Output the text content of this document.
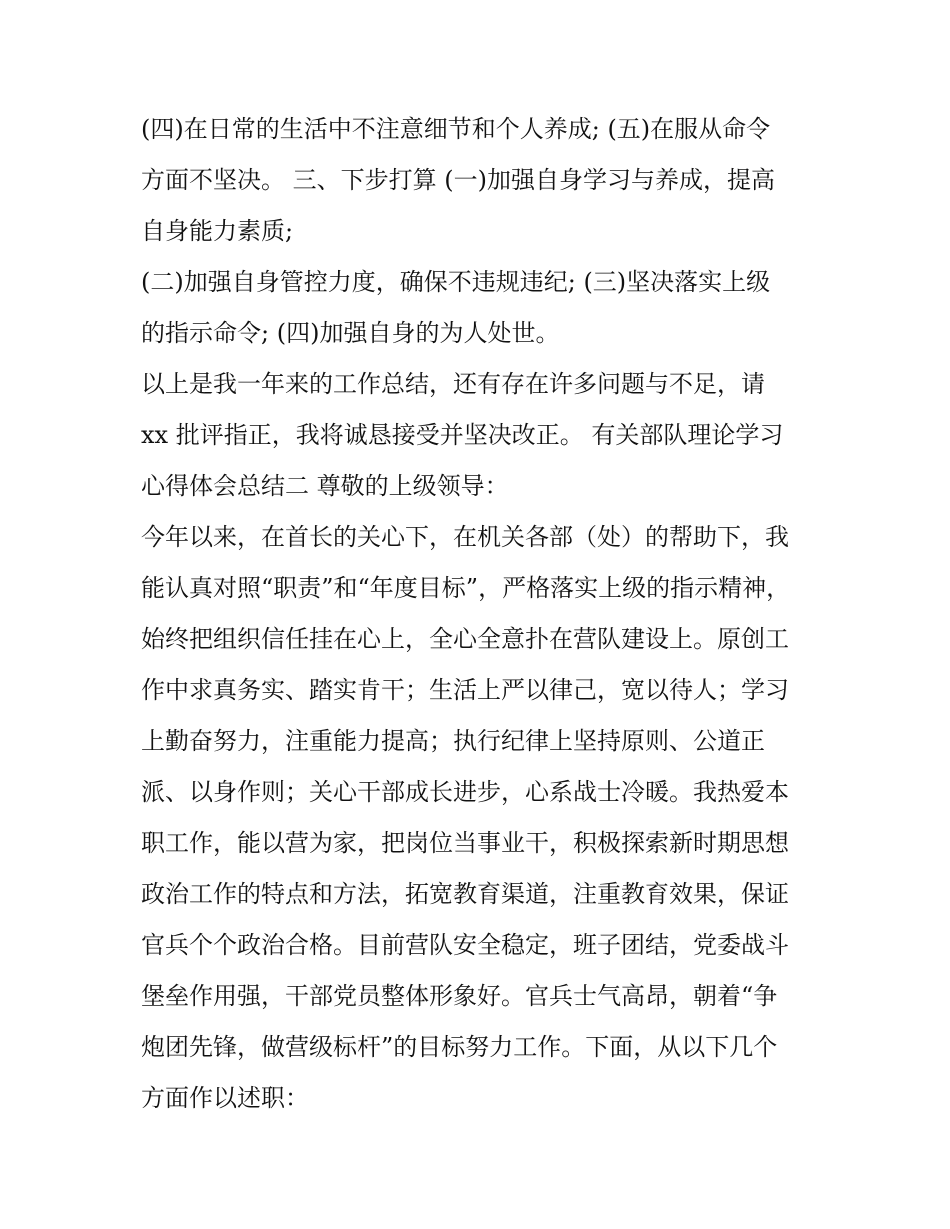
(四)在日常的生活中不注意细节和个人养成; (五)在服从命令
方面不坚决。 三、下步打算 (一)加强自身学习与养成，提高
自身能力素质;
(二)加强自身管控力度，确保不违规违纪; (三)坚决落实上级
的指示命令; (四)加强自身的为人处世。
以上是我一年来的工作总结，还有存在许多问题与不足，请
xx 批评指正，我将诚恳接受并坚决改正。 有关部队理论学习
心得体会总结二 尊敬的上级领导：
今年以来，在首长的关心下，在机关各部（处）的帮助下，我
能认真对照“职责”和“年度目标”，严格落实上级的指示精神，
始终把组织信任挂在心上，全心全意扑在营队建设上。原创工
作中求真务实、踏实肯干；生活上严以律己，宽以待人；学习
上勤奋努力，注重能力提高；执行纪律上坚持原则、公道正
派、以身作则；关心干部成长进步，心系战士冷暖。我热爱本
职工作，能以营为家，把岗位当事业干，积极探索新时期思想
政治工作的特点和方法，拓宽教育渠道，注重教育效果，保证
官兵个个政治合格。目前营队安全稳定，班子团结，党委战斗
堡垒作用强，干部党员整体形象好。官兵士气高昂，朝着“争
炮团先锋，做营级标杆”的目标努力工作。下面，从以下几个
方面作以述职：
